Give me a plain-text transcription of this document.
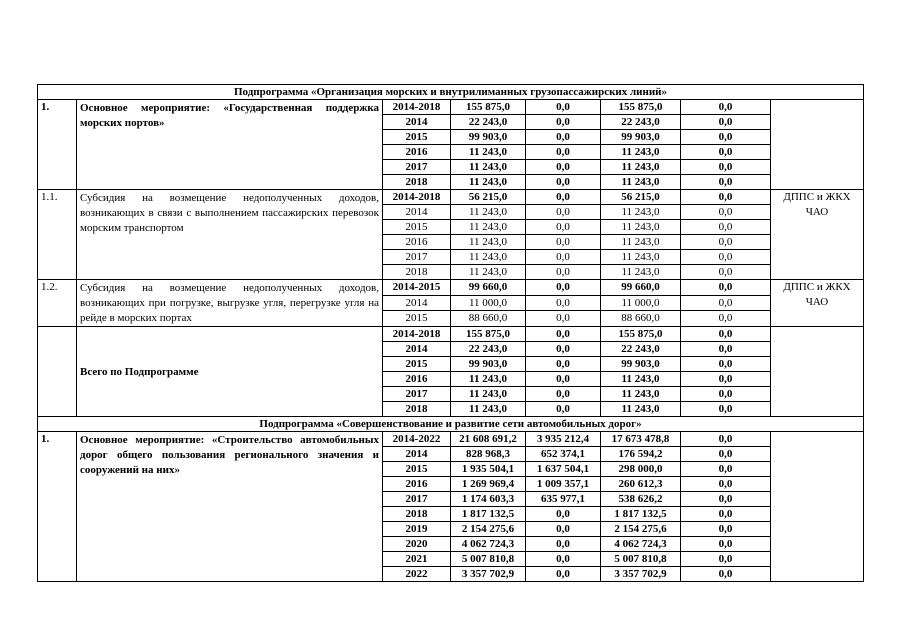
Подпрограмма «Организация морских и внутрилиманных грузопассажирских линий»							
1.	Основное мероприятие: «Государственная поддержка морских портов»	2014-2018	155 875,0	0,0	155 875,0	0,0	
		2014	22 243,0	0,0	22 243,0	0,0	
		2015	99 903,0	0,0	99 903,0	0,0	
		2016	11 243,0	0,0	11 243,0	0,0	
		2017	11 243,0	0,0	11 243,0	0,0	
		2018	11 243,0	0,0	11 243,0	0,0	
1.1.	Субсидия на возмещение недополученных доходов, возникающих в связи с выполнением пассажирских перевозок морским транспортом	2014-2018	56 215,0	0,0	56 215,0	0,0	ДППС и ЖКХ ЧАО
		2014	11 243,0	0,0	11 243,0	0,0	
		2015	11 243,0	0,0	11 243,0	0,0	
		2016	11 243,0	0,0	11 243,0	0,0	
		2017	11 243,0	0,0	11 243,0	0,0	
		2018	11 243,0	0,0	11 243,0	0,0	
1.2.	Субсидия на возмещение недополученных доходов, возникающих при погрузке, выгрузке угля, перегрузке угля на рейде в морских портах	2014-2015	99 660,0	0,0	99 660,0	0,0	ДППС и ЖКХ ЧАО
		2014	11 000,0	0,0	11 000,0	0,0	
		2015	88 660,0	0,0	88 660,0	0,0	
	Всего по Подпрограмме	2014-2018	155 875,0	0,0	155 875,0	0,0	
		2014	22 243,0	0,0	22 243,0	0,0	
		2015	99 903,0	0,0	99 903,0	0,0	
		2016	11 243,0	0,0	11 243,0	0,0	
		2017	11 243,0	0,0	11 243,0	0,0	
		2018	11 243,0	0,0	11 243,0	0,0	
Подпрограмма «Совершенствование и развитие сети автомобильных дорог»							
1.	Основное мероприятие: «Строительство автомобильных дорог общего пользования регионального значения и сооружений на них»	2014-2022	21 608 691,2	3 935 212,4	17 673 478,8	0,0	
		2014	828 968,3	652 374,1	176 594,2	0,0	
		2015	1 935 504,1	1 637 504,1	298 000,0	0,0	
		2016	1 269 969,4	1 009 357,1	260 612,3	0,0	
		2017	1 174 603,3	635 977,1	538 626,2	0,0	
		2018	1 817 132,5	0,0	1 817 132,5	0,0	
		2019	2 154 275,6	0,0	2 154 275,6	0,0	
		2020	4 062 724,3	0,0	4 062 724,3	0,0	
		2021	5 007 810,8	0,0	5 007 810,8	0,0	
		2022	3 357 702,9	0,0	3 357 702,9	0,0	
